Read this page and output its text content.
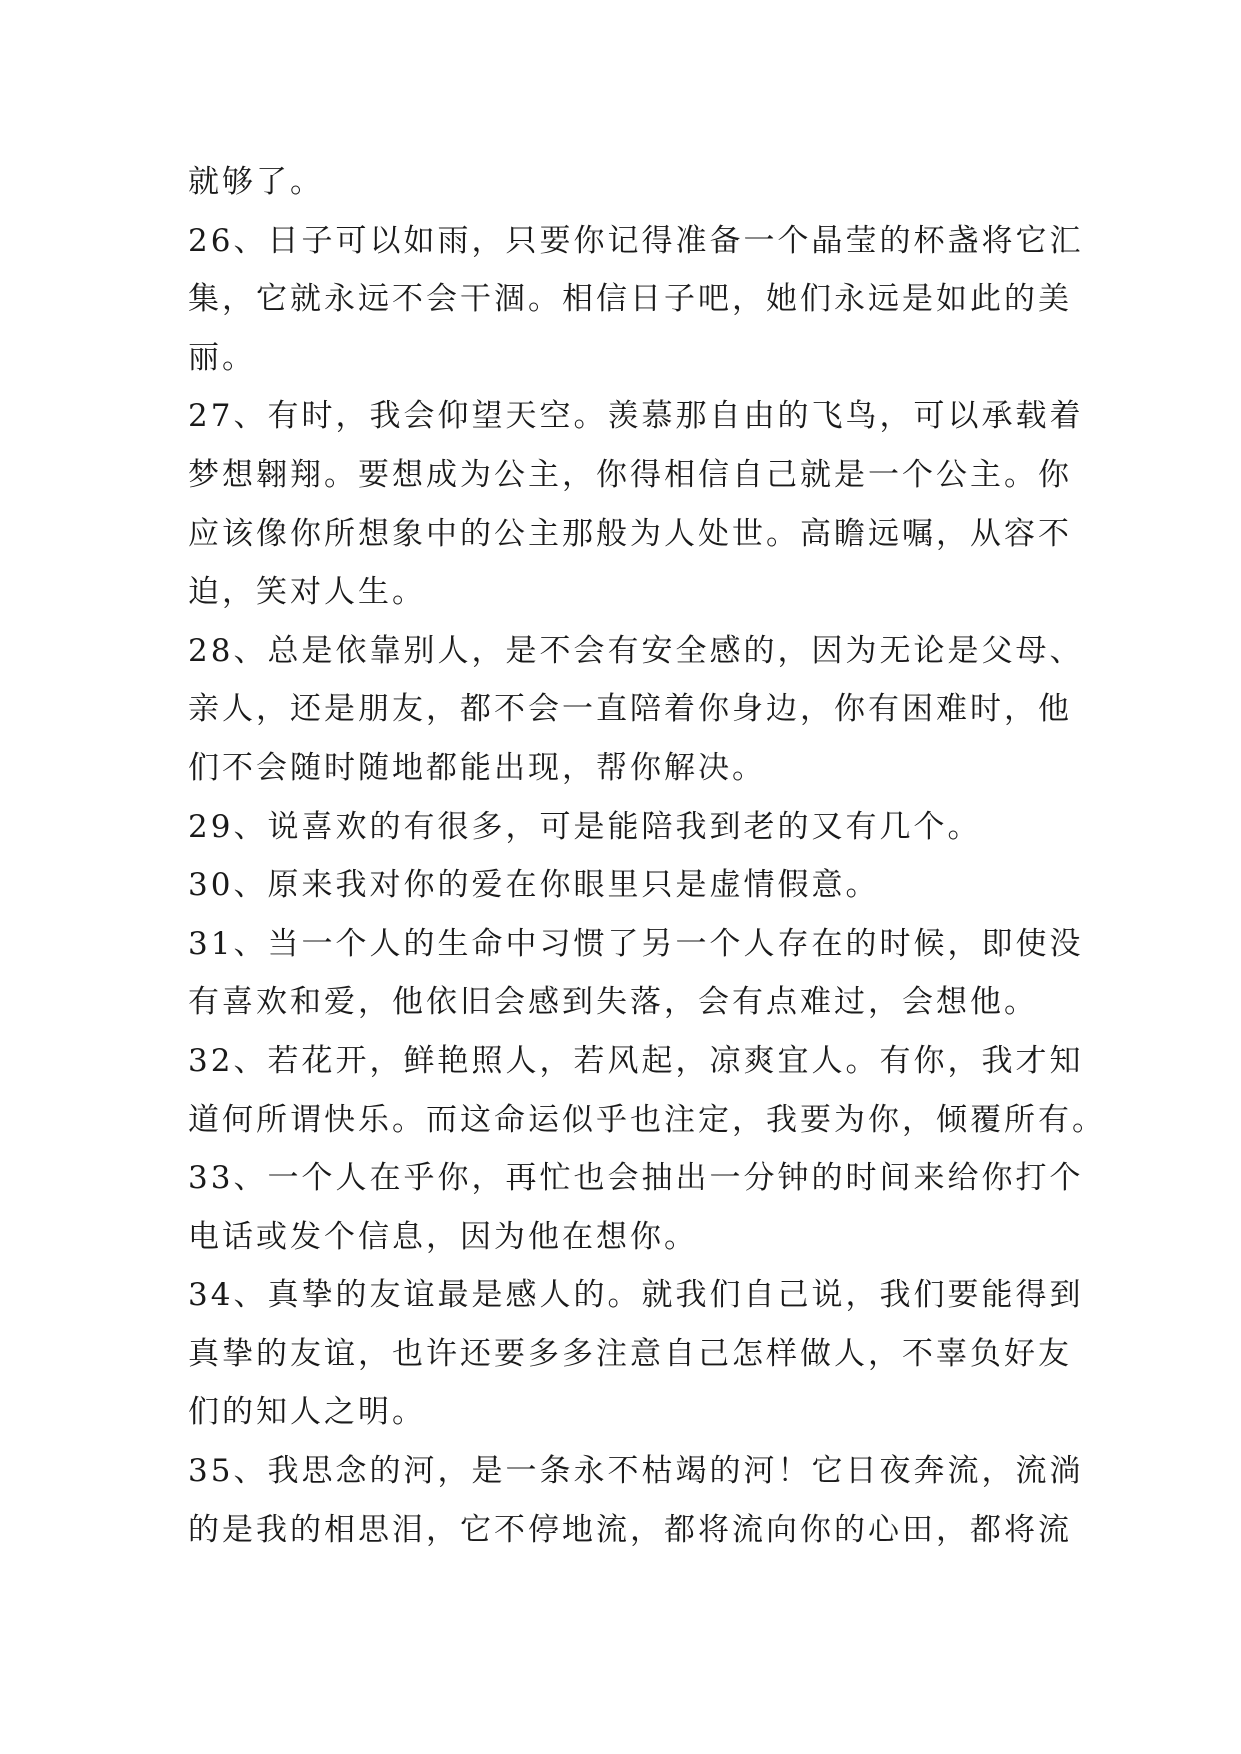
就够了。
26、日子可以如雨，只要你记得准备一个晶莹的杯盏将它汇
集，它就永远不会干涸。相信日子吧，她们永远是如此的美
丽。
27、有时，我会仰望天空。羡慕那自由的飞鸟，可以承载着
梦想翱翔。要想成为公主，你得相信自己就是一个公主。你
应该像你所想象中的公主那般为人处世。高瞻远嘱，从容不
迫，笑对人生。
28、总是依靠别人，是不会有安全感的，因为无论是父母、
亲人，还是朋友，都不会一直陪着你身边，你有困难时，他
们不会随时随地都能出现，帮你解决。
29、说喜欢的有很多，可是能陪我到老的又有几个。
30、原来我对你的爱在你眼里只是虚情假意。
31、当一个人的生命中习惯了另一个人存在的时候，即使没
有喜欢和爱，他依旧会感到失落，会有点难过，会想他。
32、若花开，鲜艳照人，若风起，凉爽宜人。有你，我才知
道何所谓快乐。而这命运似乎也注定，我要为你，倾覆所有。
33、一个人在乎你，再忙也会抽出一分钟的时间来给你打个
电话或发个信息，因为他在想你。
34、真挚的友谊最是感人的。就我们自己说，我们要能得到
真挚的友谊，也许还要多多注意自己怎样做人，不辜负好友
们的知人之明。
35、我思念的河，是一条永不枯竭的河！它日夜奔流，流淌
的是我的相思泪，它不停地流，都将流向你的心田，都将流
